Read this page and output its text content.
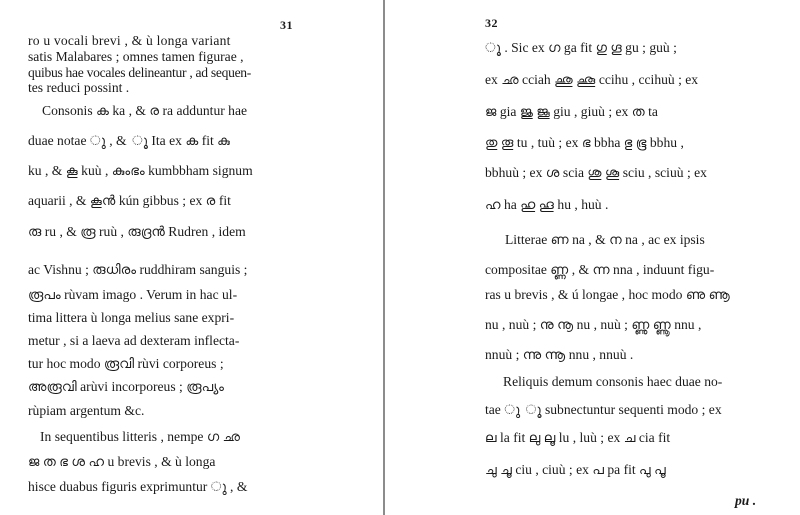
31
ro u vocali brevi , & ù longa variant
satis Malabares ; omnes tamen figurae ,
quibus hae vocales delineantur , ad sequen-
tes reduci possint .
Consonis ക ka , & ര ra adduntur hae
duae notae ു , & ൂ Ita ex ക fit കു
ku , & കൂ kuù , കുംഭം kumbbham signum
aquarii , & കൂൻ kún gibbus ; ex ര fit
രു ru , & രൂ ruù , രുദ്രൻ Rudren , idem
ac Vishnu ; രുധിരം ruddhiram sanguis ;
രൂപം rùvam imago . Verum in hac ul-
tima littera ù longa melius sane expri-
metur , si a laeva ad dexteram inflecta-
tur hoc modo രൂവി rùvi corporeus ;
അരൂവി arùvi incorporeus ; രൂപ്യം
rùpiam argentum &c.
In sequentibus litteris , nempe ഗ ഛ
ജ ത ഭ ശ ഹ u brevis , & ù longa
hisce duabus figuris exprimuntur ു , &
32
ൂ . Sic ex ഗ ga fit ഗു ഗൂ gu ; guù ;
ex ഛ cciah ഛു ഛൂ ccihu , ccihuù ; ex
ജ gia ജു ജൂ giu , giuù ; ex ത ta
തു തൂ tu , tuù ; ex ഭ bbha ഭു ഭൂ bbhu ,
bbhuù ; ex ശ scia ശു ശൂ sciu , sciuù ; ex
ഹ ha ഹു ഹൂ hu , huù .
Litterae ണ na , & ന na , ac ex ipsis
compositae ണ്ണ , & ന്ന nna , induunt figu-
ras u brevis , & ú longae , hoc modo ണു ണൂ
nu , nuù ; നു നൂ nu , nuù ; ണ്ണു ണ്ണൂ nnu ,
nnuù ; ന്നു ന്നൂ nnu , nnuù .
Reliquis demum consonis haec duae no-
tae ു ൂ subnectuntur sequenti modo ; ex
ല la fit ലു ലൂ lu , luù ; ex ച cia fit
ചു ചൂ ciu , ciuù ; ex പ pa fit പു പൂ
pu .
